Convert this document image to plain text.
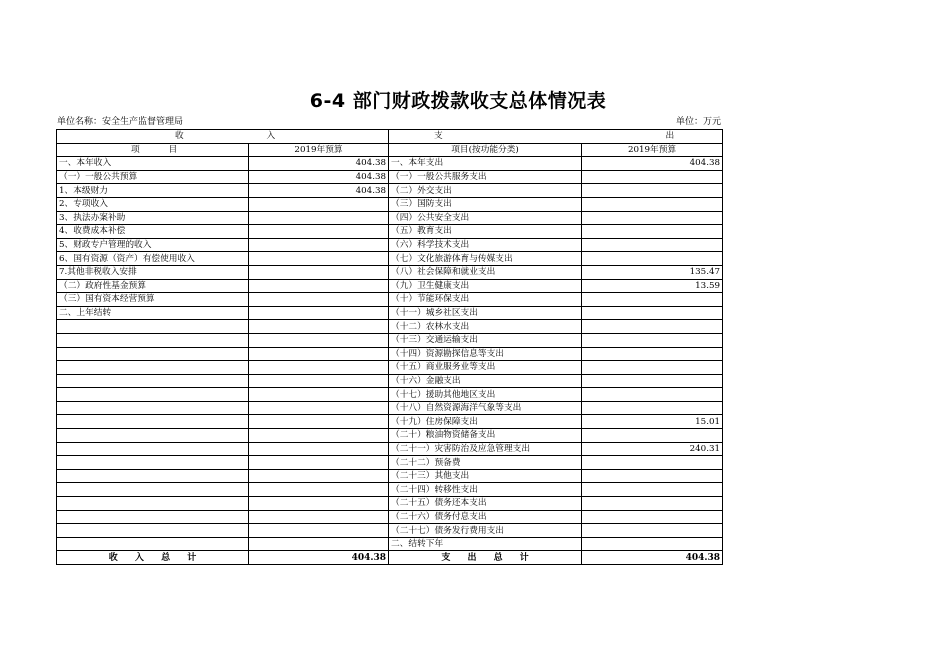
6-4 部门财政拨款收支总体情况表
单位名称：安全生产监督管理局	单位：万元
收 入		支 出	
项 目	2019年预算	项目(按功能分类)	2019年预算
一、本年收入	404.38	一、本年支出	404.38
（一）一般公共预算	404.38	（一）一般公共服务支出	
1、本级财力	404.38	（二）外交支出	
2、专项收入		（三）国防支出	
3、执法办案补助		（四）公共安全支出	
4、收费成本补偿		（五）教育支出	
5、财政专户管理的收入		（六）科学技术支出	
6、国有资源（资产）有偿使用收入		（七）文化旅游体育与传媒支出	
7.其他非税收入安排		（八）社会保障和就业支出	135.47
（二）政府性基金预算		（九）卫生健康支出	13.59
（三）国有资本经营预算		（十）节能环保支出	
二、上年结转		（十一）城乡社区支出	
		（十二）农林水支出	
		（十三）交通运输支出	
		（十四）资源勘探信息等支出	
		（十五）商业服务业等支出	
		（十六）金融支出	
		（十七）援助其他地区支出	
		（十八）自然资源海洋气象等支出	
		（十九）住房保障支出	15.01
		（二十）粮油物资储备支出	
		（二十一）灾害防治及应急管理支出	240.31
		（二十二）预备费	
		（二十三）其他支出	
		（二十四）转移性支出	
		（二十五）债务还本支出	
		（二十六）债务付息支出	
		（二十七）债务发行费用支出	
		二、结转下年	
收 入 总 计	404.38	支 出 总 计	404.38
